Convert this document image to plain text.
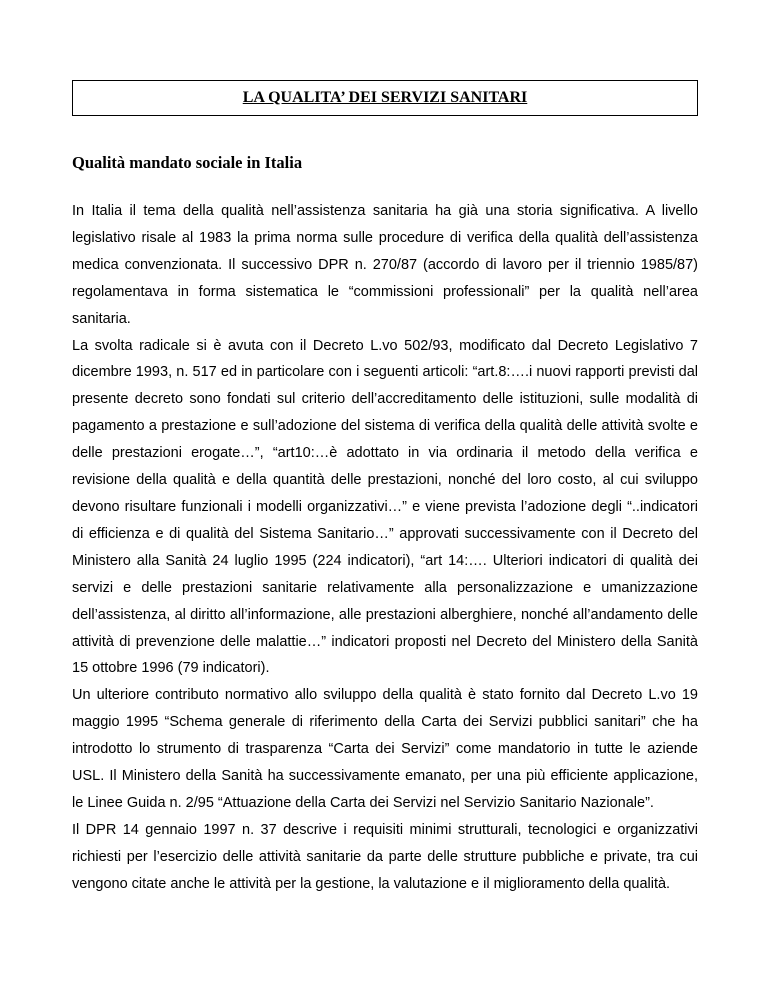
LA QUALITA’ DEI SERVIZI SANITARI
Qualità mandato sociale in Italia

In Italia il tema della qualità nell’assistenza sanitaria ha già una storia significativa. A livello legislativo risale al 1983 la prima norma sulle procedure di verifica della qualità dell’assistenza medica convenzionata. Il successivo DPR n. 270/87 (accordo di lavoro per il triennio 1985/87) regolamentava in forma sistematica le “commissioni professionali” per la qualità nell’area sanitaria.

La svolta radicale si è avuta con il Decreto L.vo 502/93, modificato dal Decreto Legislativo 7 dicembre 1993, n. 517 ed in particolare con i seguenti articoli: “art.8:….i nuovi rapporti previsti dal presente decreto sono fondati sul criterio dell’accreditamento delle istituzioni, sulle modalità di pagamento a prestazione e sull’adozione del sistema di verifica della qualità delle attività svolte e delle prestazioni erogate…”, “art10:…è adottato in via ordinaria il metodo della verifica e revisione della qualità e della quantità delle prestazioni, nonché del loro costo, al cui sviluppo devono risultare funzionali i modelli organizzativi…” e viene prevista l’adozione degli “..indicatori di efficienza e di qualità del Sistema Sanitario…” approvati successivamente con il Decreto del Ministero alla Sanità 24 luglio 1995 (224 indicatori), “art 14:…. Ulteriori indicatori di qualità dei servizi e delle prestazioni sanitarie relativamente alla personalizzazione e umanizzazione dell’assistenza, al diritto all’informazione, alle prestazioni alberghiere, nonché all’andamento delle attività di prevenzione delle malattie…” indicatori proposti nel Decreto del Ministero della Sanità 15 ottobre 1996 (79 indicatori).

Un ulteriore contributo normativo allo sviluppo della qualità è stato fornito dal Decreto L.vo 19 maggio 1995 “Schema generale di riferimento della Carta dei Servizi pubblici sanitari” che ha introdotto lo strumento di trasparenza “Carta dei Servizi” come mandatorio in tutte le aziende USL. Il Ministero della Sanità ha successivamente emanato, per una più efficiente applicazione, le Linee Guida n. 2/95 “Attuazione della Carta dei Servizi nel Servizio Sanitario Nazionale”.

Il DPR 14 gennaio 1997 n. 37 descrive i requisiti minimi strutturali, tecnologici e organizzativi richiesti per l’esercizio delle attività sanitarie da parte delle strutture pubbliche e private, tra cui vengono citate anche le attività per la gestione, la valutazione e il miglioramento della qualità.
